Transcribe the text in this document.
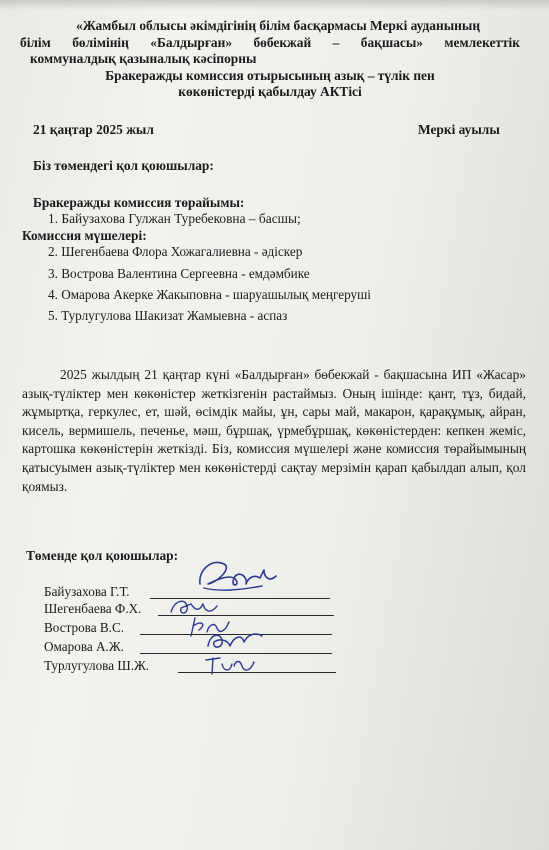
«Жамбыл облысы әкімдігінің білім басқармасы Меркі ауданының
білім бөлімінің «Балдырған» бөбекжай – бақшасы» мемлекеттік
коммуналдық қазыналық кәсіпорны
Бракеражды комиссия отырысының азық – түлік пен
көкөністерді қабылдау АКТісі
21 қаңтар 2025 жыл	Меркі ауылы
Біз төмендегі қол қоюшылар:
Бракеражды комиссия төрайымы:
1. Байузахова Гулжан Туребековна – басшы;
Комиссия мүшелері:
2. Шегенбаева Флора Хожагалиевна - әдіскер
3. Вострова Валентина Сергеевна - емдәмбике
4. Омарова Акерке Жакыповна - шаруашылық меңгеруші
5. Турлугулова Шакизат Жамыевна - аспаз
2025 жылдың 21 қаңтар күні «Балдырған» бөбекжай - бақшасына ИП «Жасар» азық-түліктер мен көкөністер жеткізгенін растаймыз. Оның ішінде: қант, тұз, бидай, жұмыртқа, геркулес, ет, шәй, өсімдік майы, ұн, сары май, макарон, қарақұмық, айран, кисель, вермишель, печенье, мәш, бұршақ, үрмебұршақ, көкөністерден: кепкен жеміс, картошка көкөністерін жеткізді. Біз, комиссия мүшелері және комиссия төрайымының қатысуымен азық-түліктер мен көкөністерді сақтау мерзімін қарап қабылдап алып, қол қоямыз.
Төменде қол қоюшылар:
Байузахова Г.Т.
Шегенбаева Ф.Х.
Вострова В.С.
Омарова А.Ж.
Турлугулова Ш.Ж.
